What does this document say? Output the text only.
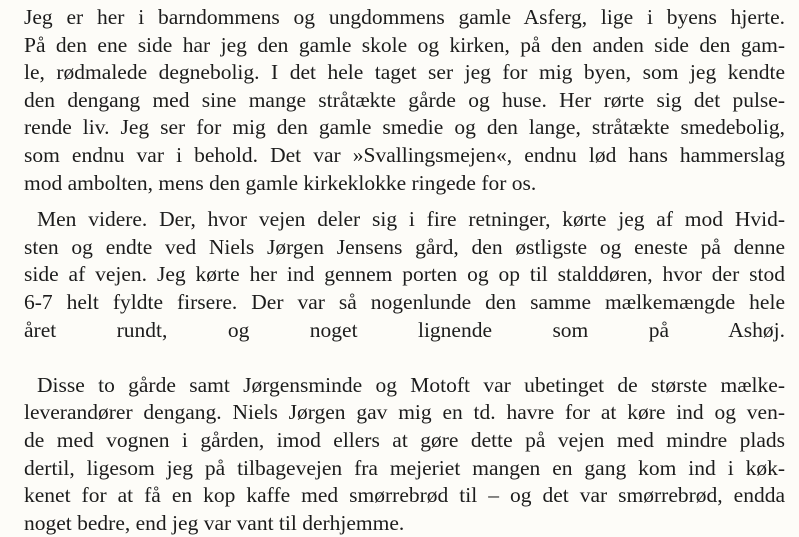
Jeg er her i barndommens og ungdommens gamle Asferg, lige i byens hjerte.
På den ene side har jeg den gamle skole og kirken, på den anden side den gam-
le, rødmalede degnebolig. I det hele taget ser jeg for mig byen, som jeg kendte
den dengang med sine mange stråtækte gårde og huse. Her rørte sig det pulse-
rende liv. Jeg ser for mig den gamle smedie og den lange, stråtækte smedebolig,
som endnu var i behold. Det var »Svallingsmejen«, endnu lød hans hammerslag
mod ambolten, mens den gamle kirkeklokke ringede for os.
Men videre. Der, hvor vejen deler sig i fire retninger, kørte jeg af mod Hvid-
sten og endte ved Niels Jørgen Jensens gård, den østligste og eneste på denne
side af vejen. Jeg kørte her ind gennem porten og op til stalddøren, hvor der stod
6-7 helt fyldte firsere. Der var så nogenlunde den samme mælkemængde hele
året rundt, og noget lignende som på Ashøj.
Disse to gårde samt Jørgensminde og Motoft var ubetinget de største mælke-
leverandører dengang. Niels Jørgen gav mig en td. havre for at køre ind og ven-
de med vognen i gården, imod ellers at gøre dette på vejen med mindre plads
dertil, ligesom jeg på tilbagevejen fra mejeriet mangen en gang kom ind i køk-
kenet for at få en kop kaffe med smørrebrød til – og det var smørrebrød, endda
noget bedre, end jeg var vant til derhjemme.
